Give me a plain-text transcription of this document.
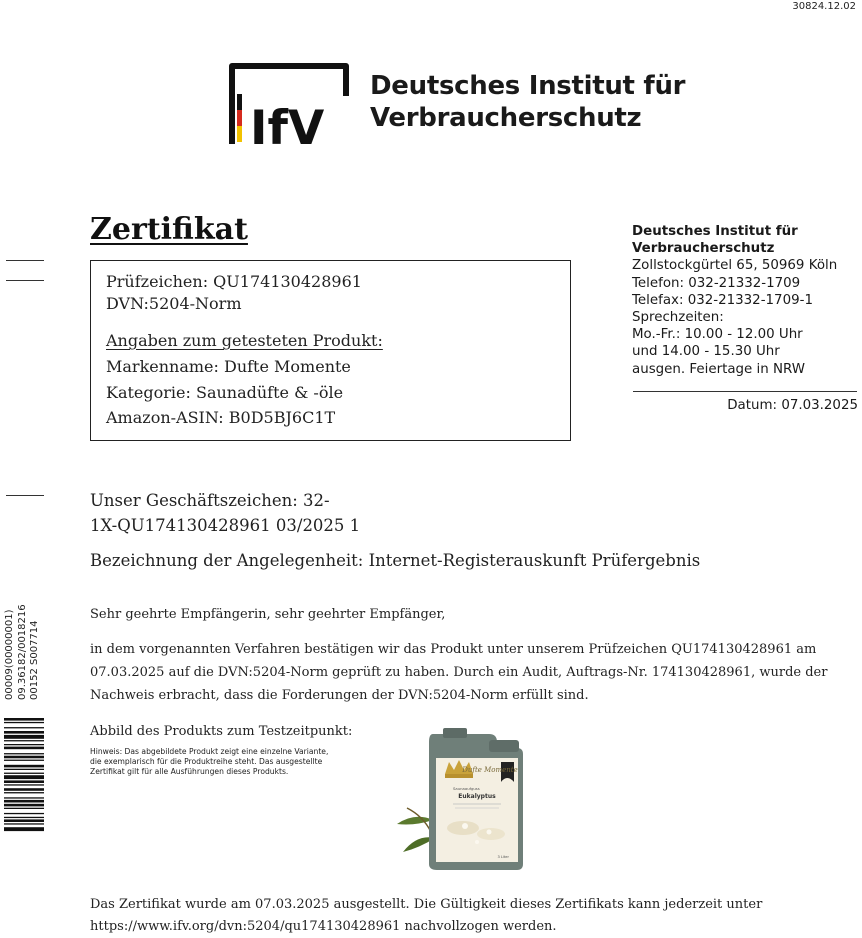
30824.12.02
IfV
Deutsches Institut für
Verbraucherschutz
Zertifikat
Prüfzeichen: QU174130428961
DVN:5204-Norm
Angaben zum getesteten Produkt:
Markenname: Dufte Momente
Kategorie: Saunadüfte & -öle
Amazon-ASIN: B0D5BJ6C1T
Deutsches Institut für
Verbraucherschutz
Zollstockgürtel 65, 50969 Köln
Telefon: 032-21332-1709
Telefax: 032-21332-1709-1
Sprechzeiten:
Mo.-Fr.: 10.00 - 12.00 Uhr
und 14.00 - 15.30 Uhr
ausgen. Feiertage in NRW
Datum: 07.03.2025
Unser Geschäftszeichen: 32-
1X-QU174130428961 03/2025 1
Bezeichnung der Angelegenheit: Internet-Registerauskunft Prüfergebnis
Sehr geehrte Empfängerin, sehr geehrter Empfänger,
in dem vorgenannten Verfahren bestätigen wir das Produkt unter unserem Prüfzeichen QU174130428961 am
07.03.2025 auf die DVN:5204-Norm geprüft zu haben. Durch ein Audit, Auftrags-Nr. 174130428961, wurde der
Nachweis erbracht, dass die Forderungen der DVN:5204-Norm erfüllt sind.
Abbild des Produkts zum Testzeitpunkt:
Hinweis: Das abgebildete Produkt zeigt eine einzelne Variante,
die exemplarisch für die Produktreihe steht. Das ausgestellte
Zertifikat gilt für alle Ausführungen dieses Produkts.	Dufte Momente
Saunaaufguss
Eukalyptus
3 Liter
Das Zertifikat wurde am 07.03.2025 ausgestellt. Die Gültigkeit dieses Zertifikats kann jederzeit unter
https://www.ifv.org/dvn:5204/qu174130428961 nachvollzogen werden.
00009(00000001) 09.36182/0018216 00152 S007714
